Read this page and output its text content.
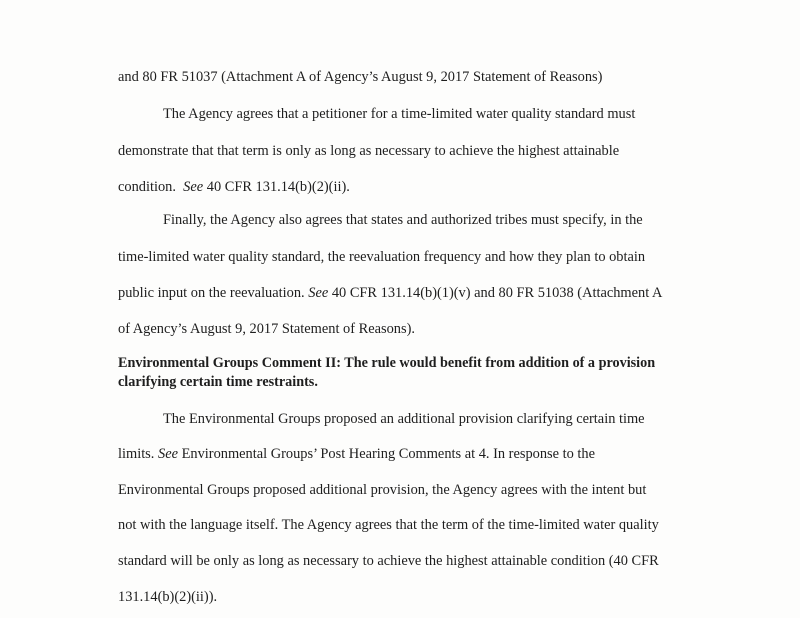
and 80 FR 51037 (Attachment A of Agency’s August 9, 2017 Statement of Reasons)
The Agency agrees that a petitioner for a time-limited water quality standard must
demonstrate that that term is only as long as necessary to achieve the highest attainable
condition. See 40 CFR 131.14(b)(2)(ii).
Finally, the Agency also agrees that states and authorized tribes must specify, in the
time-limited water quality standard, the reevaluation frequency and how they plan to obtain
public input on the reevaluation. See 40 CFR 131.14(b)(1)(v) and 80 FR 51038 (Attachment A
of Agency’s August 9, 2017 Statement of Reasons).
Environmental Groups Comment II: The rule would benefit from addition of a provision
clarifying certain time restraints.
The Environmental Groups proposed an additional provision clarifying certain time
limits. See Environmental Groups’ Post Hearing Comments at 4. In response to the
Environmental Groups proposed additional provision, the Agency agrees with the intent but
not with the language itself. The Agency agrees that the term of the time-limited water quality
standard will be only as long as necessary to achieve the highest attainable condition (40 CFR
131.14(b)(2)(ii)).
